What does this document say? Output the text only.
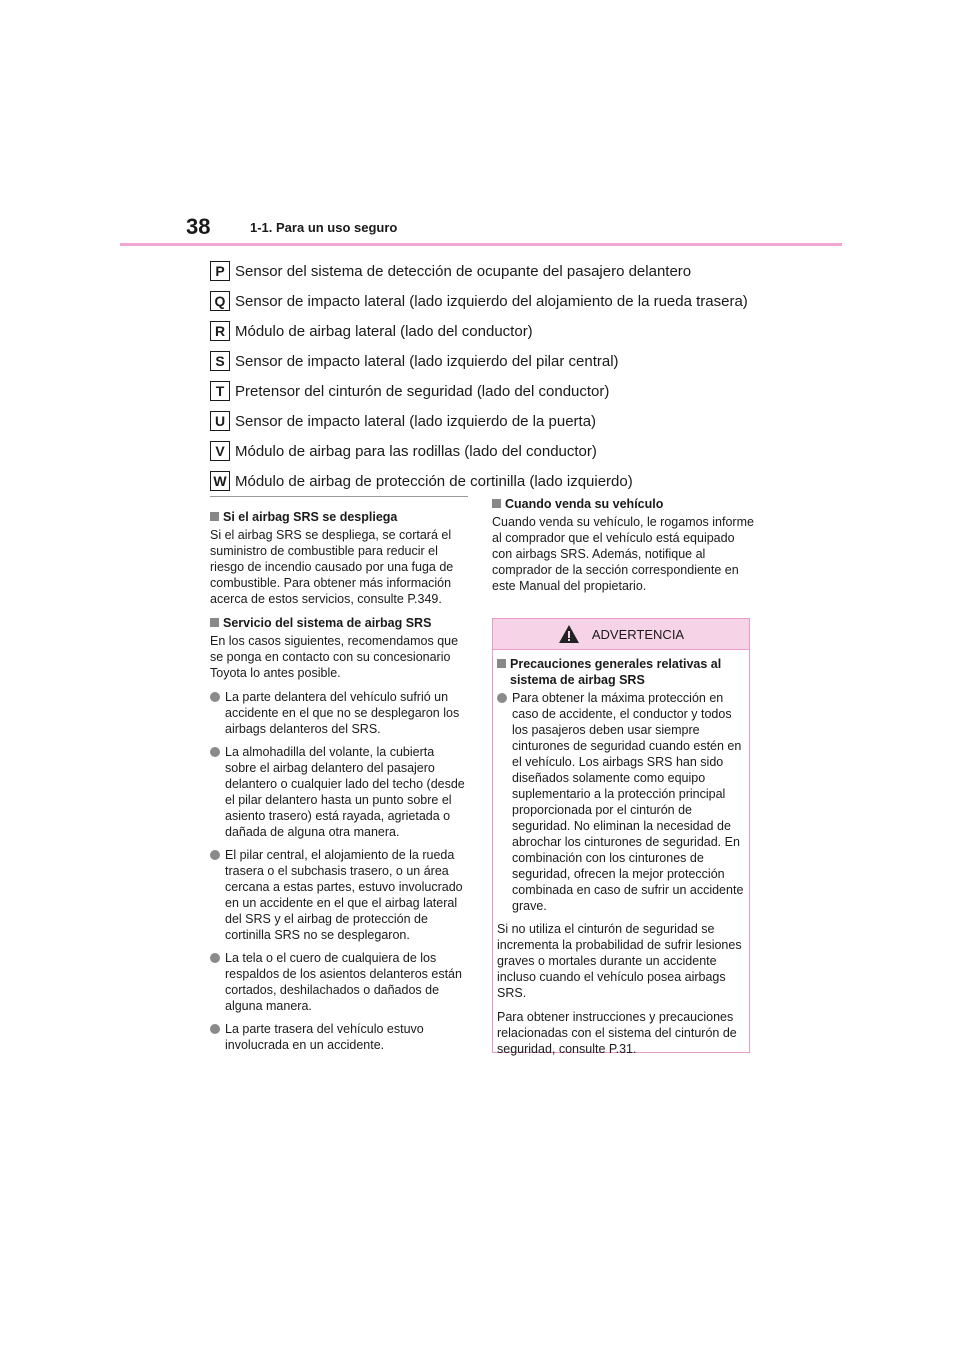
38	1-1. Para un uso seguro
P Sensor del sistema de detección de ocupante del pasajero delantero
Q Sensor de impacto lateral (lado izquierdo del alojamiento de la rueda trasera)
R Módulo de airbag lateral (lado del conductor)
S Sensor de impacto lateral (lado izquierdo del pilar central)
T Pretensor del cinturón de seguridad (lado del conductor)
U Sensor de impacto lateral (lado izquierdo de la puerta)
V Módulo de airbag para las rodillas (lado del conductor)
W Módulo de airbag de protección de cortinilla (lado izquierdo)
Si el airbag SRS se despliega

Si el airbag SRS se despliega, se cortará el suministro de combustible para reducir el riesgo de incendio causado por una fuga de combustible. Para obtener más información acerca de estos servicios, consulte P.349.

Servicio del sistema de airbag SRS

En los casos siguientes, recomendamos que se ponga en contacto con su concesionario Toyota lo antes posible.

La parte delantera del vehículo sufrió un accidente en el que no se desplegaron los airbags delanteros del SRS.
La almohadilla del volante, la cubierta sobre el airbag delantero del pasajero delantero o cualquier lado del techo (desde el pilar delantero hasta un punto sobre el asiento trasero) está rayada, agrietada o dañada de alguna otra manera.
El pilar central, el alojamiento de la rueda trasera o el subchasis trasero, o un área cercana a estas partes, estuvo involucrado en un accidente en el que el airbag lateral del SRS y el airbag de protección de cortinilla SRS no se desplegaron.
La tela o el cuero de cualquiera de los respaldos de los asientos delanteros están cortados, deshilachados o dañados de alguna manera.
La parte trasera del vehículo estuvo involucrada en un accidente.
Cuando venda su vehículo

Cuando venda su vehículo, le rogamos informe al comprador que el vehículo está equipado con airbags SRS. Además, notifique al comprador de la sección correspondiente en este Manual del propietario.

ADVERTENCIA
Precauciones generales relativas al sistema de airbag SRS
Para obtener la máxima protección en caso de accidente, el conductor y todos los pasajeros deben usar siempre cinturones de seguridad cuando estén en el vehículo. Los airbags SRS han sido diseñados solamente como equipo suplementario a la protección principal proporcionada por el cinturón de seguridad. No eliminan la necesidad de abrochar los cinturones de seguridad. En combinación con los cinturones de seguridad, ofrecen la mejor protección combinada en caso de sufrir un accidente grave.

Si no utiliza el cinturón de seguridad se incrementa la probabilidad de sufrir lesiones graves o mortales durante un accidente incluso cuando el vehículo posea airbags SRS.

Para obtener instrucciones y precauciones relacionadas con el sistema del cinturón de seguridad, consulte P.31.
